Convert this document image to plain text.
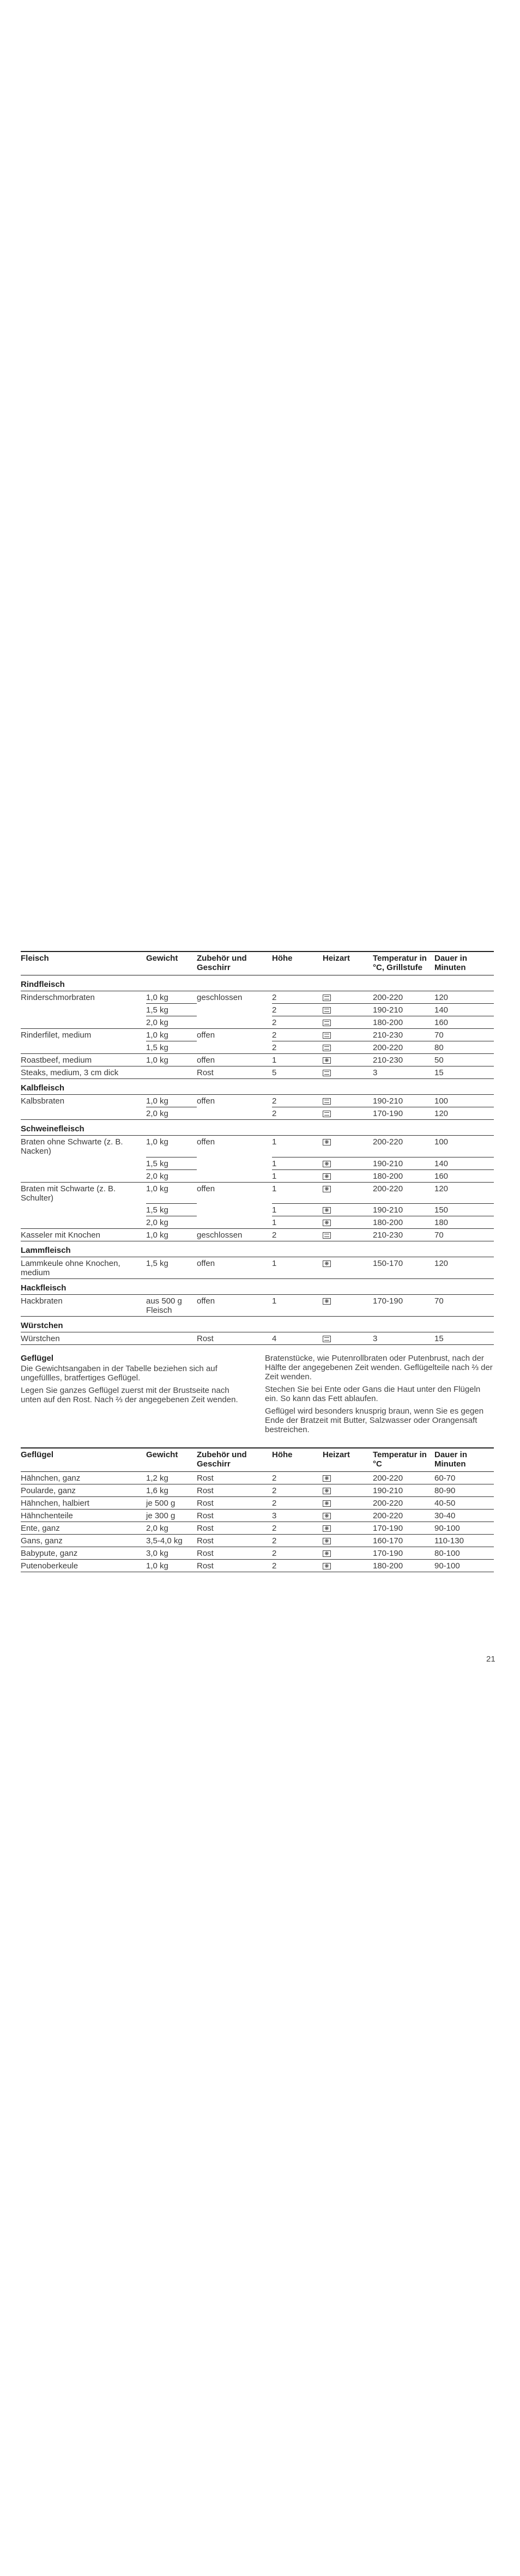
Fleisch	Gewicht	Zubehör und Geschirr	Höhe	Heizart	Temperatur in °C, Grillstufe	Dauer in Minuten
Rindfleisch						
Rinderschmorbraten	1,0 kg	geschlossen	2		200-220	120
	1,5 kg		2		190-210	140
	2,0 kg		2		180-200	160
Rinderfilet, medium	1,0 kg	offen	2		210-230	70
	1,5 kg		2		200-220	80
Roastbeef, medium	1,0 kg	offen	1	❋	210-230	50
Steaks, medium, 3 cm dick		Rost	5		3	15
Kalbfleisch						
Kalbsbraten	1,0 kg	offen	2		190-210	100
	2,0 kg		2		170-190	120
Schweinefleisch						
Braten ohne Schwarte (z. B. Nacken)	1,0 kg	offen	1	❋	200-220	100
	1,5 kg		1	❋	190-210	140
	2,0 kg		1	❋	180-200	160
Braten mit Schwarte (z. B. Schulter)	1,0 kg	offen	1	❋	200-220	120
	1,5 kg		1	❋	190-210	150
	2,0 kg		1	❋	180-200	180
Kasseler mit Knochen	1,0 kg	geschlossen	2		210-230	70
Lammfleisch						
Lammkeule ohne Knochen, medium	1,5 kg	offen	1	❋	150-170	120
Hackfleisch						
Hackbraten	aus 500 g Fleisch	offen	1	❋	170-190	70
Würstchen						
Würstchen		Rost	4		3	15
Geflügel

Die Gewichtsangaben in der Tabelle beziehen sich auf ungefüllles, bratfertiges Geflügel.

Legen Sie ganzes Geflügel zuerst mit der Brustseite nach unten auf den Rost. Nach ⅔ der angegebenen Zeit wenden.

Bratenstücke, wie Putenrollbraten oder Putenbrust, nach der Hälfte der angegebenen Zeit wenden. Geflügelteile nach ⅔ der Zeit wenden.

Stechen Sie bei Ente oder Gans die Haut unter den Flügeln ein. So kann das Fett ablaufen.

Geflügel wird besonders knusprig braun, wenn Sie es gegen Ende der Bratzeit mit Butter, Salzwasser oder Orangensaft bestreichen.

Geflügel	Gewicht	Zubehör und Geschirr	Höhe	Heizart	Temperatur in °C	Dauer in Minuten
Hähnchen, ganz	1,2 kg	Rost	2	❋	200-220	60-70
Poularde, ganz	1,6 kg	Rost	2	❋	190-210	80-90
Hähnchen, halbiert	je 500 g	Rost	2	❋	200-220	40-50
Hähnchenteile	je 300 g	Rost	3	❋	200-220	30-40
Ente, ganz	2,0 kg	Rost	2	❋	170-190	90-100
Gans, ganz	3,5-4,0 kg	Rost	2	❋	160-170	110-130
Babypute, ganz	3,0 kg	Rost	2	❋	170-190	80-100
Putenoberkeule	1,0 kg	Rost	2	❋	180-200	90-100
21
